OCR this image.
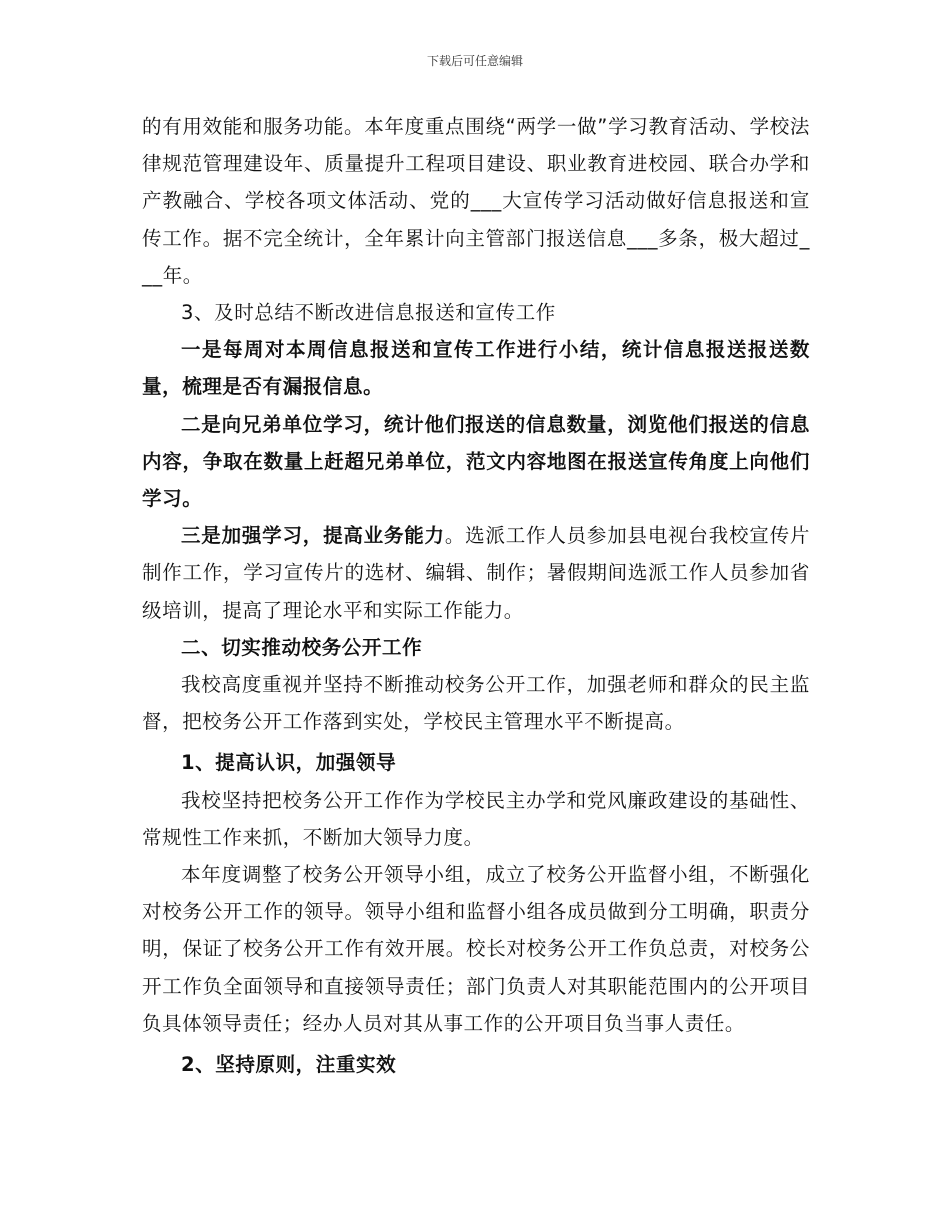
下载后可任意编辑

的有用效能和服务功能。本年度重点围绕“两学一做”学习教育活动、学校法律规范管理建设年、质量提升工程项目建设、职业教育进校园、联合办学和产教融合、学校各项文体活动、党的___大宣传学习活动做好信息报送和宣传工作。据不完全统计，全年累计向主管部门报送信息___多条，极大超过___年。

3、及时总结不断改进信息报送和宣传工作

一是每周对本周信息报送和宣传工作进行小结，统计信息报送报送数量，梳理是否有漏报信息。

二是向兄弟单位学习，统计他们报送的信息数量，浏览他们报送的信息内容，争取在数量上赶超兄弟单位，范文内容地图在报送宣传角度上向他们学习。

三是加强学习，提高业务能力。选派工作人员参加县电视台我校宣传片制作工作，学习宣传片的选材、编辑、制作；暑假期间选派工作人员参加省级培训，提高了理论水平和实际工作能力。

二、切实推动校务公开工作

我校高度重视并坚持不断推动校务公开工作，加强老师和群众的民主监督，把校务公开工作落到实处，学校民主管理水平不断提高。

1、提高认识，加强领导

我校坚持把校务公开工作作为学校民主办学和党风廉政建设的基础性、常规性工作来抓，不断加大领导力度。

本年度调整了校务公开领导小组，成立了校务公开监督小组，不断强化对校务公开工作的领导。领导小组和监督小组各成员做到分工明确，职责分明，保证了校务公开工作有效开展。校长对校务公开工作负总责，对校务公开工作负全面领导和直接领导责任；部门负责人对其职能范围内的公开项目负具体领导责任；经办人员对其从事工作的公开项目负当事人责任。

2、坚持原则，注重实效
